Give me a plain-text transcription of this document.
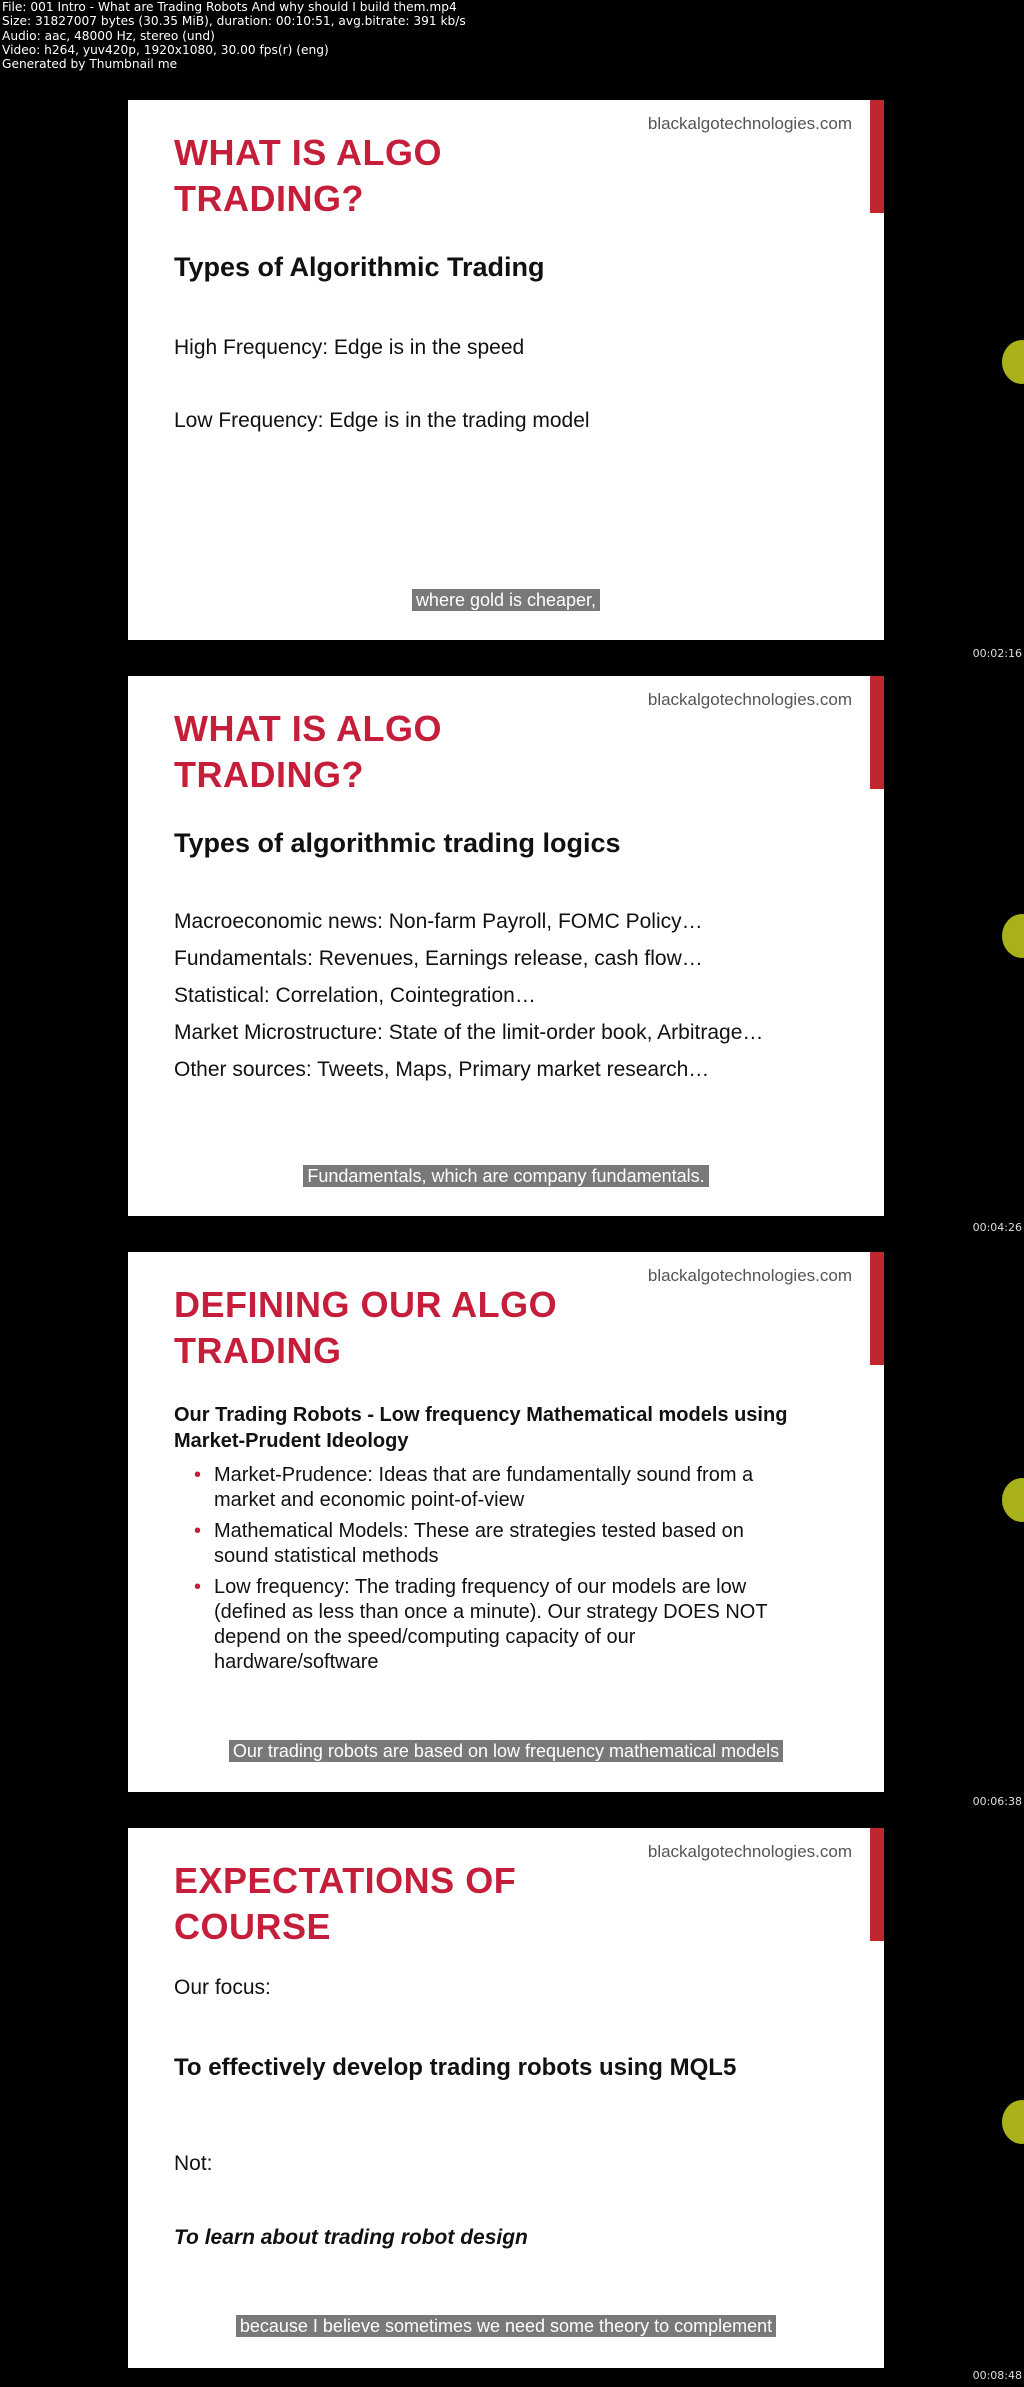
File: 001 Intro - What are Trading Robots And why should I build them.mp4
Size: 31827007 bytes (30.35 MiB), duration: 00:10:51, avg.bitrate: 391 kb/s
Audio: aac, 48000 Hz, stereo (und)
Video: h264, yuv420p, 1920x1080, 30.00 fps(r) (eng)
Generated by Thumbnail me
blackalgotechnologies.com
WHAT IS ALGO
TRADING?
Types of Algorithmic Trading
High Frequency: Edge is in the speed
Low Frequency: Edge is in the trading model
where gold is cheaper,
00:02:16
blackalgotechnologies.com
WHAT IS ALGO
TRADING?
Types of algorithmic trading logics
Macroeconomic news: Non-farm Payroll, FOMC Policy…
Fundamentals: Revenues, Earnings release, cash flow…
Statistical: Correlation, Cointegration…
Market Microstructure: State of the limit-order book, Arbitrage…
Other sources: Tweets, Maps, Primary market research…
Fundamentals, which are company fundamentals.
00:04:26
blackalgotechnologies.com
DEFINING OUR ALGO
TRADING
Our Trading Robots - Low frequency Mathematical models using Market-Prudent Ideology
• Market-Prudence: Ideas that are fundamentally sound from a market and economic point-of-view
• Mathematical Models: These are strategies tested based on sound statistical methods
• Low frequency: The trading frequency of our models are low (defined as less than once a minute). Our strategy DOES NOT depend on the speed/computing capacity of our hardware/software
Our trading robots are based on low frequency mathematical models
00:06:38
blackalgotechnologies.com
EXPECTATIONS OF
COURSE
Our focus:
To effectively develop trading robots using MQL5
Not:
To learn about trading robot design
because I believe sometimes we need some theory to complement
00:08:48
